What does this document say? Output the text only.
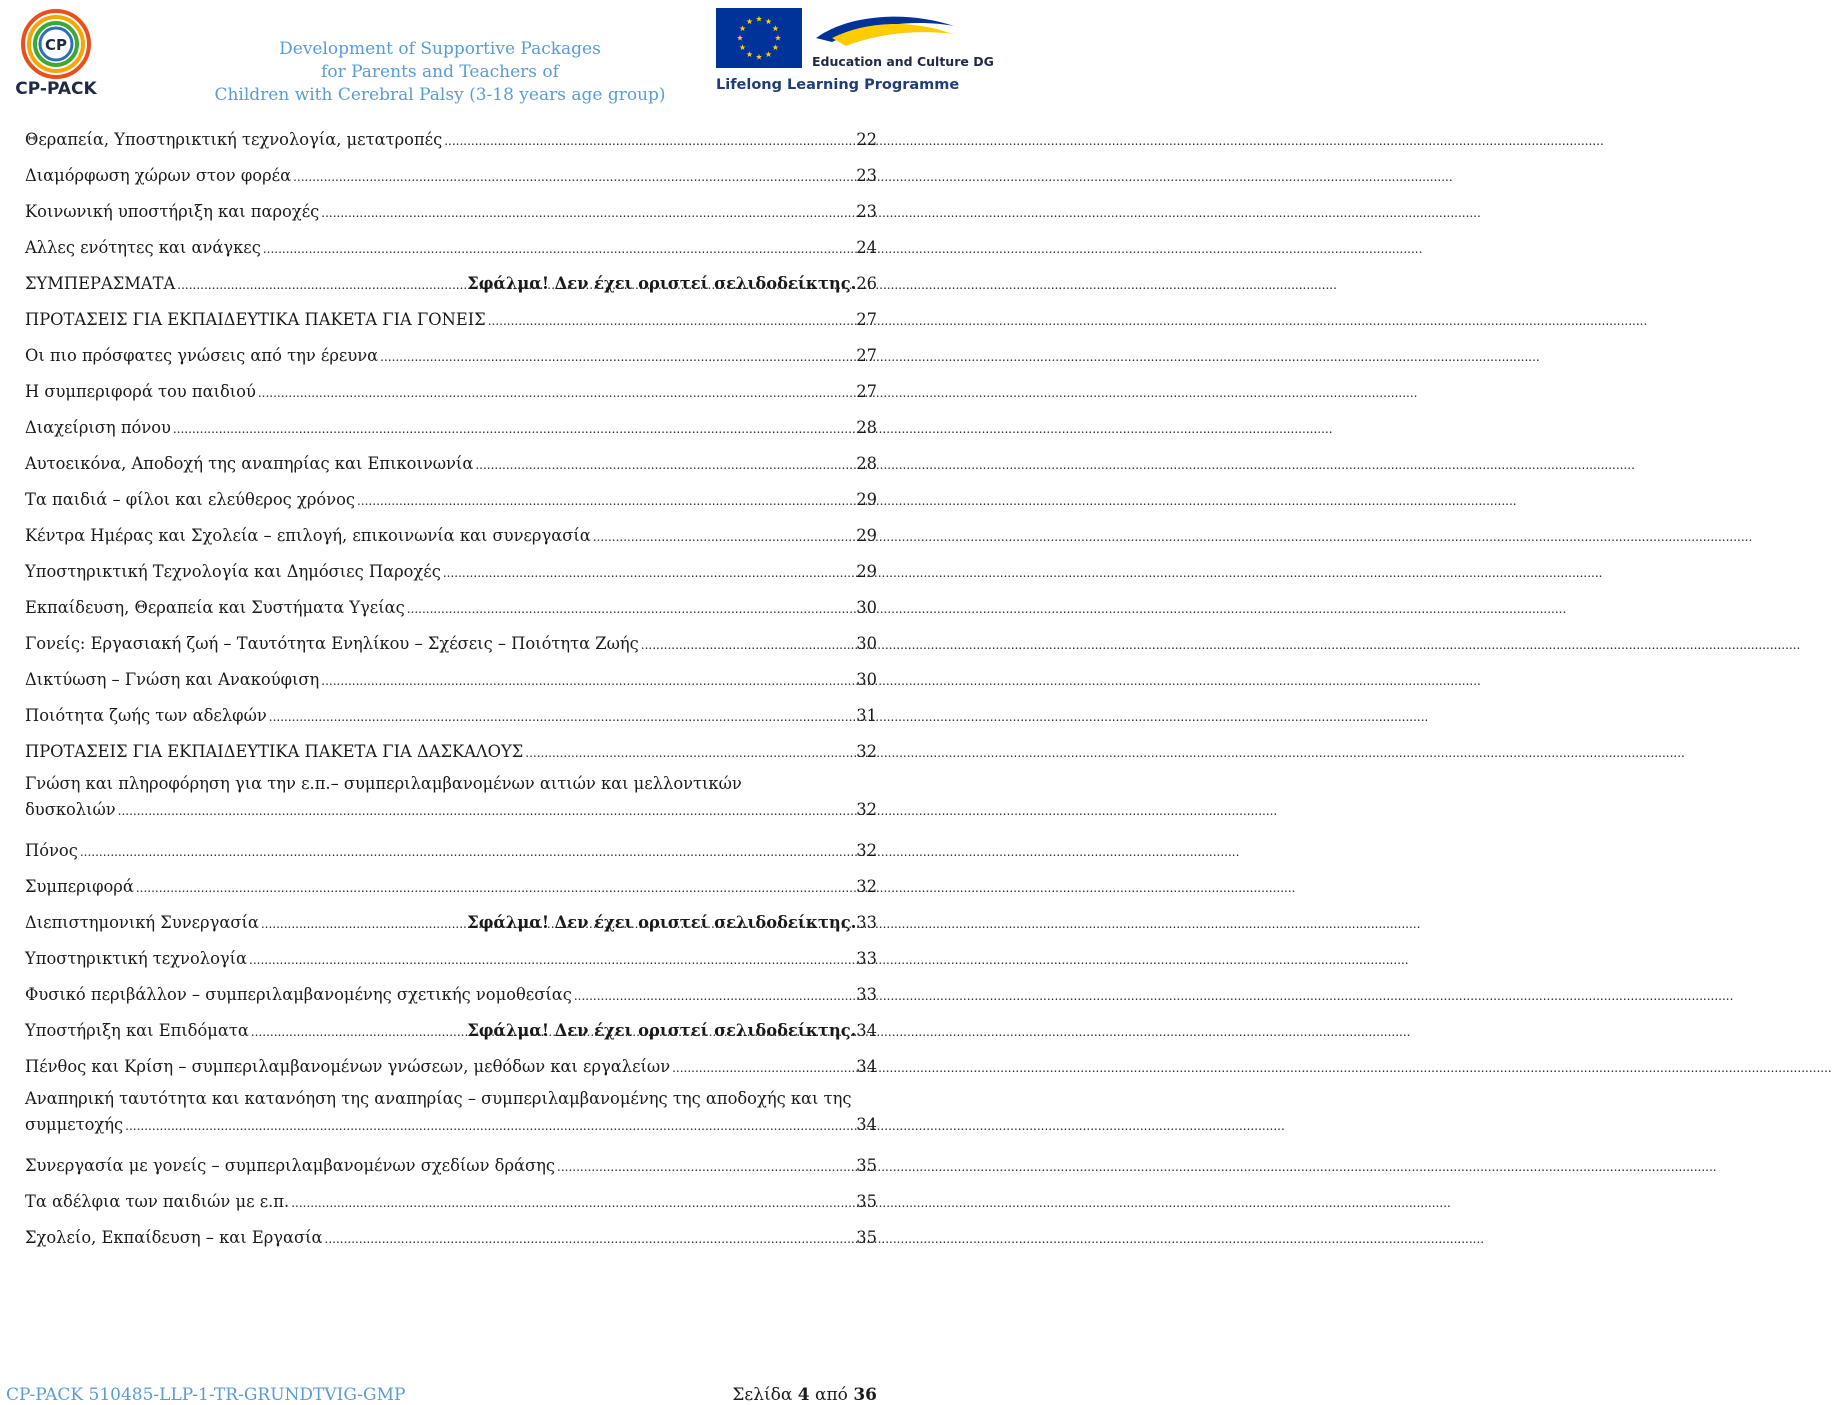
CP
CP-PACK
Development of Supportive Packages
for Parents and Teachers of
Children with Cerebral Palsy (3-18 years age group)
Education and Culture DG
Lifelong Learning Programme
Θεραπεία, Υποστηρικτική τεχνολογία, μετατροπές .....	22
Διαμόρφωση χώρων στον φορέα .....	23
Κοινωνική υποστήριξη και παροχές .....	23
Αλλες ενότητες και ανάγκες .....	24
ΣΥΜΠΕΡΑΣΜΑΤΑ .....	Σφάλμα! Δεν έχει οριστεί σελιδοδείκτης. 26
ΠΡΟΤΑΣΕΙΣ ΓΙΑ ΕΚΠΑΙΔΕΥΤΙΚΑ ΠΑΚΕΤΑ ΓΙΑ ΓΟΝΕΙΣ .....	27
Οι πιο πρόσφατες γνώσεις από την έρευνα .....	27
Η συμπεριφορά του παιδιού .....	27
Διαχείριση πόνου .....	28
Αυτοεικόνα, Αποδοχή της αναπηρίας και Επικοινωνία .....	28
Τα παιδιά – φίλοι και ελεύθερος χρόνος .....	29
Κέντρα Ημέρας και Σχολεία – επιλογή, επικοινωνία και συνεργασία .....	29
Υποστηρικτική Τεχνολογία και Δημόσιες Παροχές .....	29
Εκπαίδευση, Θεραπεία και Συστήματα Υγείας .....	30
Γονείς: Εργασιακή ζωή – Ταυτότητα Ενηλίκου – Σχέσεις – Ποιότητα Ζωής .....	30
Δικτύωση – Γνώση και Ανακούφιση .....	30
Ποιότητα ζωής των αδελφών .....	31
ΠΡΟΤΑΣΕΙΣ ΓΙΑ ΕΚΠΑΙΔΕΥΤΙΚΑ ΠΑΚΕΤΑ ΓΙΑ ΔΑΣΚΑΛΟΥΣ .....	32
Γνώση και πληροφόρηση για την ε.π.– συμπεριλαμβανομένων αιτιών και μελλοντικών
δυσκολιών .....	32
Πόνος .....	32
Συμπεριφορά .....	32
Διεπιστημονική Συνεργασία .....	Σφάλμα! Δεν έχει οριστεί σελιδοδείκτης. 33
Υποστηρικτική τεχνολογία .....	33
Φυσικό περιβάλλον – συμπεριλαμβανομένης σχετικής νομοθεσίας .....	33
Υποστήριξη και Επιδόματα .....	Σφάλμα! Δεν έχει οριστεί σελιδοδείκτης. 34
Πένθος και Κρίση – συμπεριλαμβανομένων γνώσεων, μεθόδων και εργαλείων .....	34
Αναπηρική ταυτότητα και κατανόηση της αναπηρίας – συμπεριλαμβανομένης της αποδοχής και της
συμμετοχής .....	34
Συνεργασία με γονείς – συμπεριλαμβανομένων σχεδίων δράσης .....	35
Τα αδέλφια των παιδιών με ε.π. .....	35
Σχολείο, Εκπαίδευση – και Εργασία .....	35
CP-PACK 510485-LLP-1-TR-GRUNDTVIG-GMP	Σελίδα 4 από 36
